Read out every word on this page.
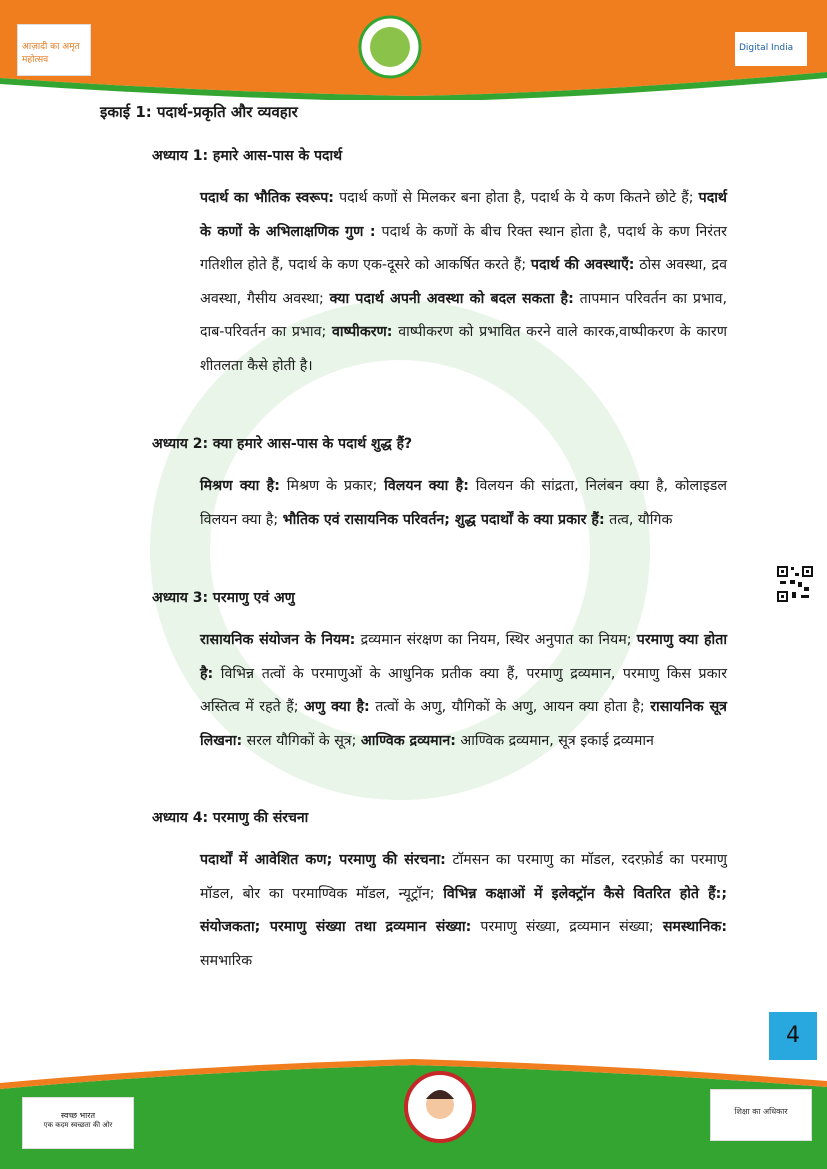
आज़ादी का अमृत महोत्सव
Digital India
इकाई 1: पदार्थ-प्रकृति और व्यवहार
अध्याय 1: हमारे आस-पास के पदार्थ
पदार्थ का भौतिक स्वरूप: पदार्थ कणों से मिलकर बना होता है, पदार्थ के ये कण कितने छोटे हैं; पदार्थ के कणों के अभिलाक्षणिक गुण : पदार्थ के कणों के बीच रिक्त स्थान होता है, पदार्थ के कण निरंतर गतिशील होते हैं, पदार्थ के कण एक-दूसरे को आकर्षित करते हैं; पदार्थ की अवस्थाएँ: ठोस अवस्था, द्रव अवस्था, गैसीय अवस्था; क्या पदार्थ अपनी अवस्था को बदल सकता है: तापमान परिवर्तन का प्रभाव, दाब-परिवर्तन का प्रभाव; वाष्पीकरण: वाष्पीकरण को प्रभावित करने वाले कारक,वाष्पीकरण के कारण शीतलता कैसे होती है।
अध्याय 2: क्या हमारे आस-पास के पदार्थ शुद्ध हैं?
मिश्रण क्या है: मिश्रण के प्रकार; विलयन क्या है: विलयन की सांद्रता, निलंबन क्या है, कोलाइडल विलयन क्या है; भौतिक एवं रासायनिक परिवर्तन; शुद्ध पदार्थों के क्या प्रकार हैं: तत्व, यौगिक
अध्याय 3: परमाणु एवं अणु
रासायनिक संयोजन के नियम: द्रव्यमान संरक्षण का नियम, स्थिर अनुपात का नियम; परमाणु क्या होता है: विभिन्न तत्वों के परमाणुओं के आधुनिक प्रतीक क्या हैं, परमाणु द्रव्यमान, परमाणु किस प्रकार अस्तित्व में रहते हैं; अणु क्या है: तत्वों के अणु, यौगिकों के अणु, आयन क्या होता है; रासायनिक सूत्र लिखना: सरल यौगिकों के सूत्र; आण्विक द्रव्यमान: आण्विक द्रव्यमान, सूत्र इकाई द्रव्यमान
अध्याय 4: परमाणु की संरचना
पदार्थों में आवेशित कण; परमाणु की संरचना: टॉमसन का परमाणु का मॉडल, रदरफ़ोर्ड का परमाणु मॉडल, बोर का परमाण्विक मॉडल, न्यूट्रॉन; विभिन्न कक्षाओं में इलेक्ट्रॉन कैसे वितरित होते हैं:; संयोजकता; परमाणु संख्या तथा द्रव्यमान संख्या: परमाणु संख्या, द्रव्यमान संख्या; समस्थानिक: समभारिक
4
स्वच्छ भारत
एक कदम स्वच्छता की ओर
शिक्षा का अधिकार
